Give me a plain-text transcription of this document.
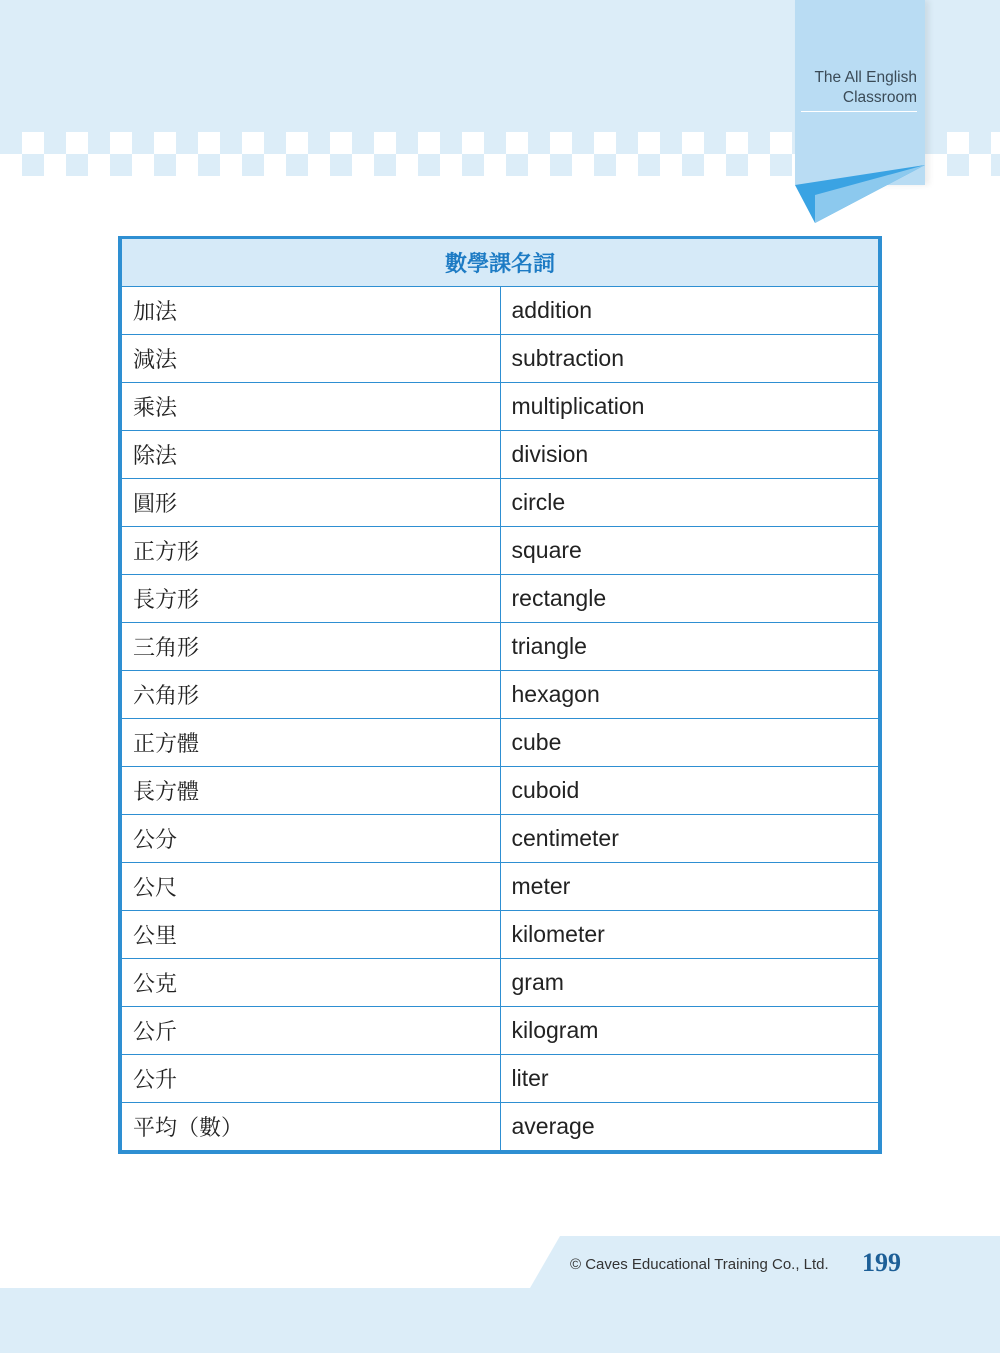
The All English
Classroom
數學課名詞	
加法	addition
減法	subtraction
乘法	multiplication
除法	division
圓形	circle
正方形	square
長方形	rectangle
三角形	triangle
六角形	hexagon
正方體	cube
長方體	cuboid
公分	centimeter
公尺	meter
公里	kilometer
公克	gram
公斤	kilogram
公升	liter
平均（數）	average
© Caves Educational Training Co., Ltd. 199
